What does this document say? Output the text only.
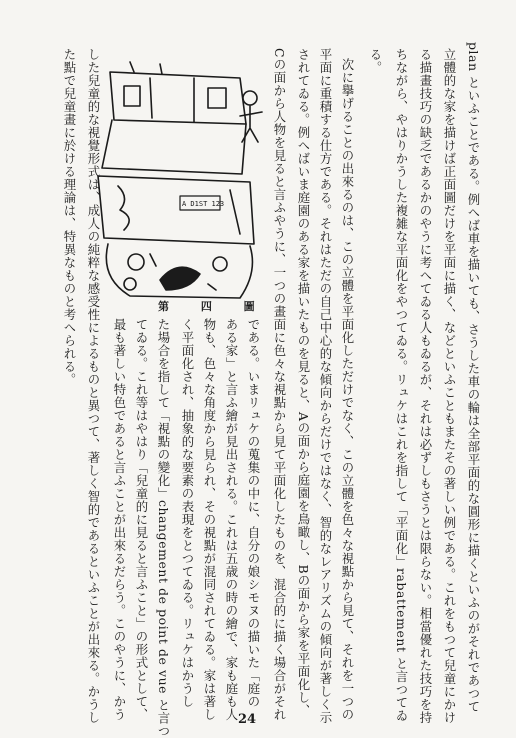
る。 ちながら、やはりかうした複雑な平面化をやつてゐる。リュケはこれを指して「平面化」rabattement と言つてゐ る描畫技巧の缺乏であるかのやうに考へてゐる人もゐるが、それは必ずしもさうとは限らない。相當優れた技巧を持 立體的な家を描けば正面圖だけを平面に描く、などといふこともまたその著しい例である。これをもつて兒童にかけ plan といふことである。例へば車を描いても、さうした車の輪は全部平面的な圓形に描くといふのがそれであつて
次に擧げることの出來るのは、この立體を平面化しただけでなく、この立體を色々な視點から見て、それを一つの
平面に重積する仕方である。それはただの自己中心的な傾向からだけではなく、智的なレアリズムの傾向が著しく示
されてゐる。例へばいま庭園のある家を描いたものを見ると、Aの面から庭園を鳥瞰し、Bの面から家を平面化し、
Cの面から人物を見ると言ふやうに、一つの畫面に色々な視點から見て平面化したものを、混合的に描く場合がそれ
である。いまリュケの蒐集の中に、自分の娘シモヌの描いた「庭の
ある家」と言ふ繪が見出される。これは五歳の時の繪で、家も庭も人
物も、色々な角度から見られ、その視點が混同されてゐる。家は著し
く平面化され、抽象的な要素の表現をとつてゐる。リュケはかうし
た場合を指して「視點の變化」changement de point de vue と言つ
てゐる。これ等はやはり「兒童的に見ると言ふこと」の形式として、
最も著しい特色であると言ふことが出來るだらう。このやうに、かう
した兒童的な視覺形式は、成人の純粹な感受性によるものと異つて、著しく智的であるといふことが出來る。かうし
た點で兒童畫に於ける理論は、特異なものと考へられる。	A D1ST 123
第 四 圖
24
